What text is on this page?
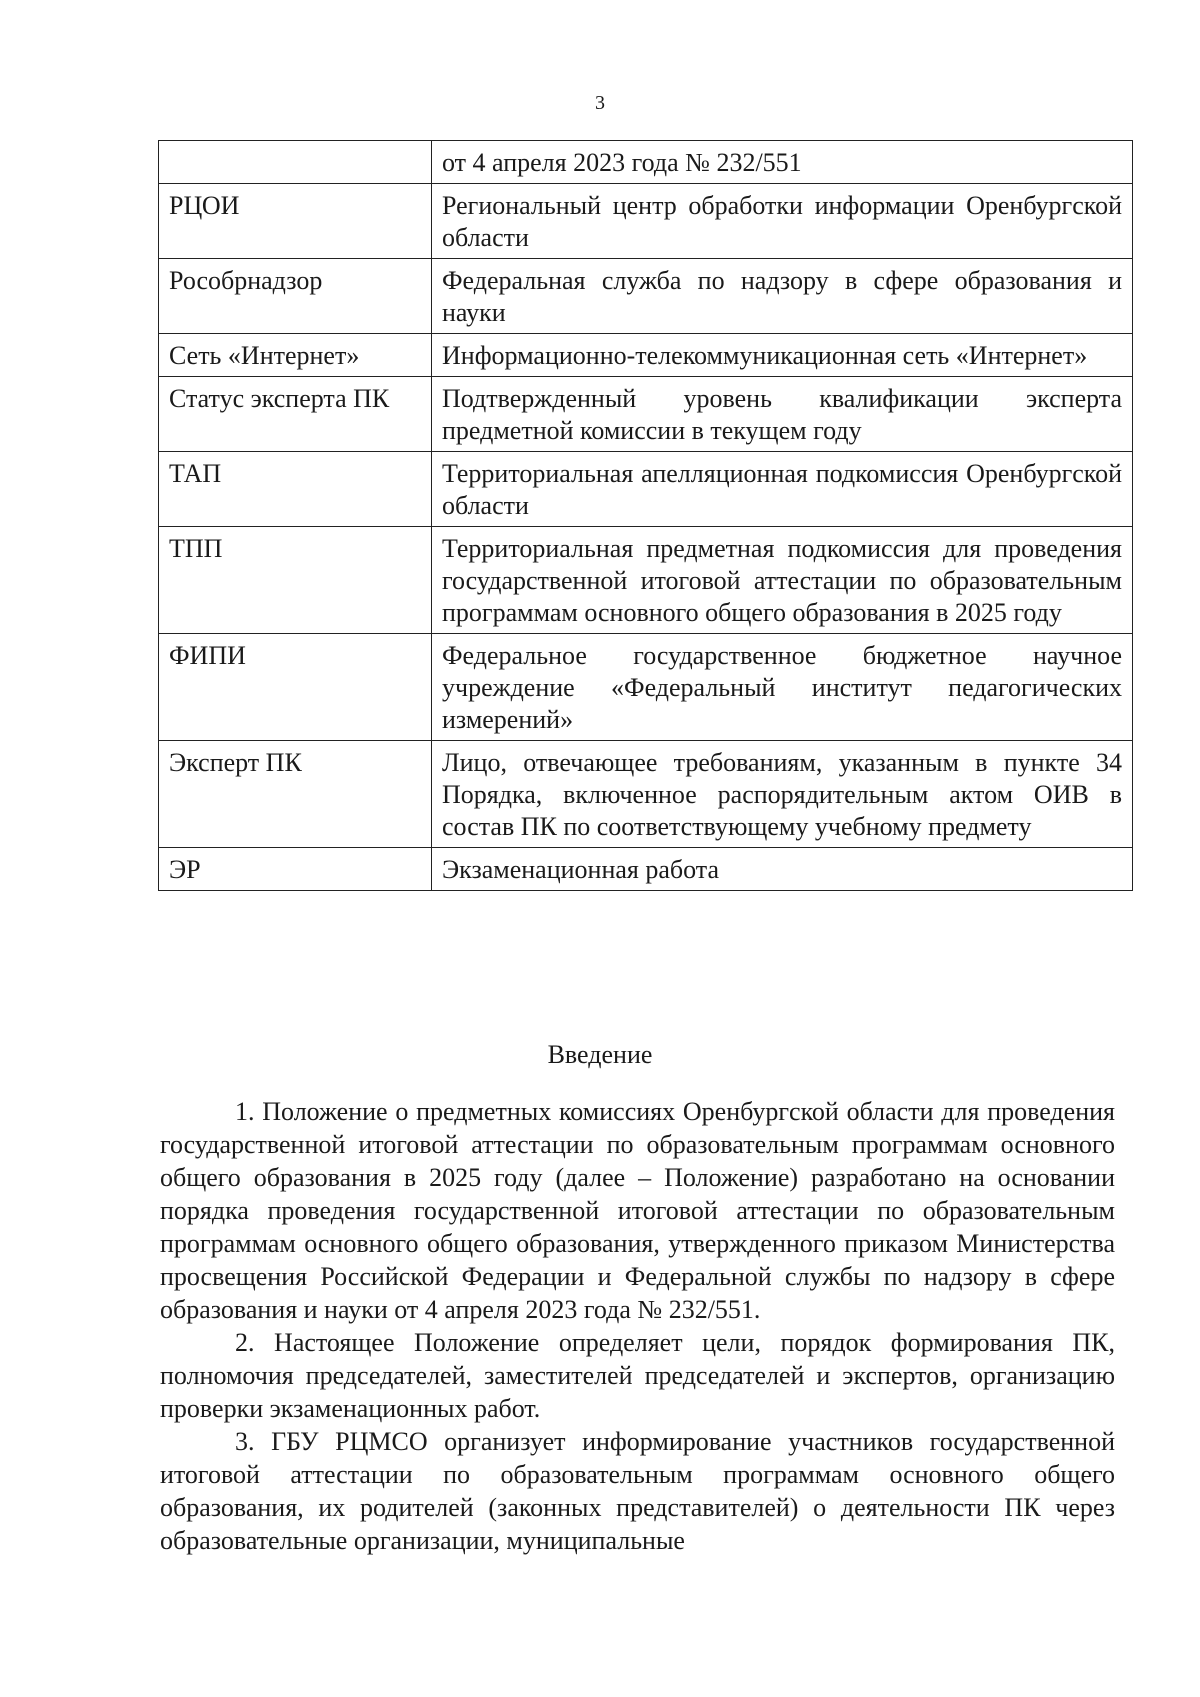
3
	от 4 апреля 2023 года № 232/551
РЦОИ	Региональный центр обработки информации Оренбургской области
Рособрнадзор	Федеральная служба по надзору в сфере образования и науки
Сеть «Интернет»	Информационно-телекоммуникационная сеть «Интернет»
Статус эксперта ПК	Подтвержденный уровень квалификации эксперта предметной комиссии в текущем году
ТАП	Территориальная апелляционная подкомиссия Оренбургской области
ТПП	Территориальная предметная подкомиссия для проведения государственной итоговой аттестации по образовательным программам основного общего образования в 2025 году
ФИПИ	Федеральное государственное бюджетное научное учреждение «Федеральный институт педагогических измерений»
Эксперт ПК	Лицо, отвечающее требованиям, указанным в пункте 34 Порядка, включенное распорядительным актом ОИВ в состав ПК по соответствующему учебному предмету
ЭР	Экзаменационная работа
Введение

1. Положение о предметных комиссиях Оренбургской области для проведения государственной итоговой аттестации по образовательным программам основного общего образования в 2025 году (далее – Положение) разработано на основании порядка проведения государственной итоговой аттестации по образовательным программам основного общего образования, утвержденного приказом Министерства просвещения Российской Федерации и Федеральной службы по надзору в сфере образования и науки от 4 апреля 2023 года № 232/551.

2. Настоящее Положение определяет цели, порядок формирования ПК, полномочия председателей, заместителей председателей и экспертов, организацию проверки экзаменационных работ.

3. ГБУ РЦМСО организует информирование участников государственной итоговой аттестации по образовательным программам основного общего образования, их родителей (законных представителей) о деятельности ПК через образовательные организации, муниципальные
